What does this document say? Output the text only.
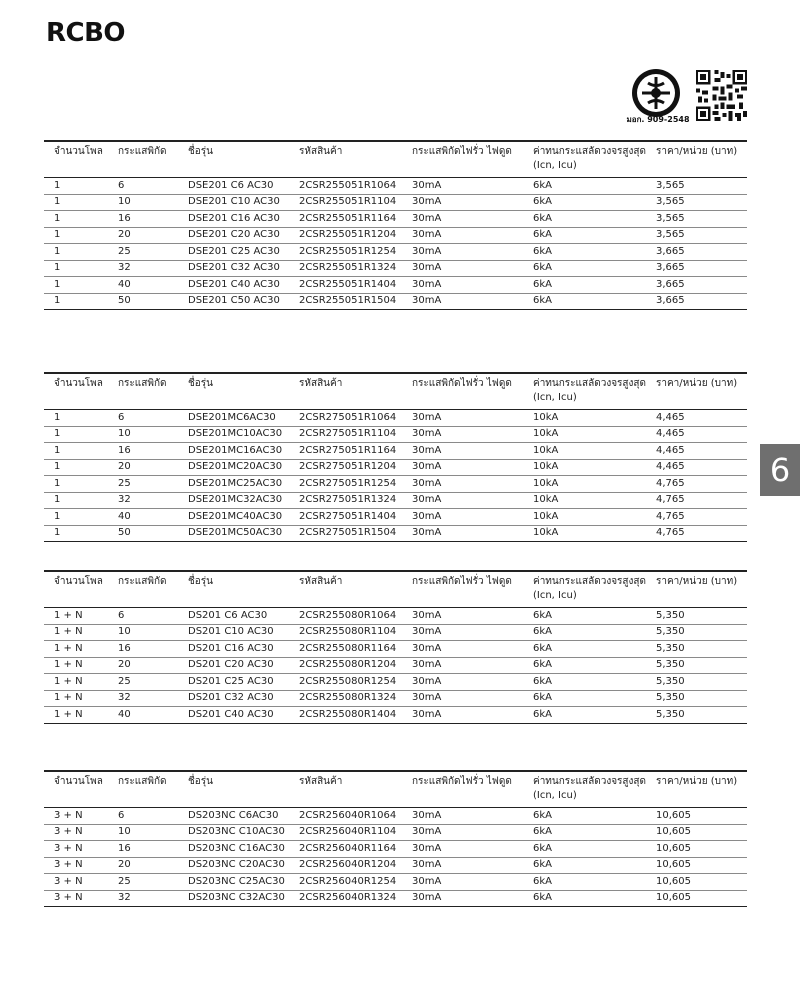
RCBO
มอก. 909-2548
6
จำนวนโพล	กระแสพิกัด	ชื่อรุ่น	รหัสสินค้า	กระแสพิกัดไฟรั่ว ไฟดูด	ค่าทนกระแสลัดวงจรสูงสุด (Icn, Icu)	ราคา/หน่วย (บาท)
1	6	DSE201 C6 AC30	2CSR255051R1064	30mA	6kA	3,565
1	10	DSE201 C10 AC30	2CSR255051R1104	30mA	6kA	3,565
1	16	DSE201 C16 AC30	2CSR255051R1164	30mA	6kA	3,565
1	20	DSE201 C20 AC30	2CSR255051R1204	30mA	6kA	3,565
1	25	DSE201 C25 AC30	2CSR255051R1254	30mA	6kA	3,665
1	32	DSE201 C32 AC30	2CSR255051R1324	30mA	6kA	3,665
1	40	DSE201 C40 AC30	2CSR255051R1404	30mA	6kA	3,665
1	50	DSE201 C50 AC30	2CSR255051R1504	30mA	6kA	3,665
จำนวนโพล	กระแสพิกัด	ชื่อรุ่น	รหัสสินค้า	กระแสพิกัดไฟรั่ว ไฟดูด	ค่าทนกระแสลัดวงจรสูงสุด (Icn, Icu)	ราคา/หน่วย (บาท)
1	6	DSE201MC6AC30	2CSR275051R1064	30mA	10kA	4,465
1	10	DSE201MC10AC30	2CSR275051R1104	30mA	10kA	4,465
1	16	DSE201MC16AC30	2CSR275051R1164	30mA	10kA	4,465
1	20	DSE201MC20AC30	2CSR275051R1204	30mA	10kA	4,465
1	25	DSE201MC25AC30	2CSR275051R1254	30mA	10kA	4,765
1	32	DSE201MC32AC30	2CSR275051R1324	30mA	10kA	4,765
1	40	DSE201MC40AC30	2CSR275051R1404	30mA	10kA	4,765
1	50	DSE201MC50AC30	2CSR275051R1504	30mA	10kA	4,765
จำนวนโพล	กระแสพิกัด	ชื่อรุ่น	รหัสสินค้า	กระแสพิกัดไฟรั่ว ไฟดูด	ค่าทนกระแสลัดวงจรสูงสุด (Icn, Icu)	ราคา/หน่วย (บาท)
1 + N	6	DS201 C6 AC30	2CSR255080R1064	30mA	6kA	5,350
1 + N	10	DS201 C10 AC30	2CSR255080R1104	30mA	6kA	5,350
1 + N	16	DS201 C16 AC30	2CSR255080R1164	30mA	6kA	5,350
1 + N	20	DS201 C20 AC30	2CSR255080R1204	30mA	6kA	5,350
1 + N	25	DS201 C25 AC30	2CSR255080R1254	30mA	6kA	5,350
1 + N	32	DS201 C32 AC30	2CSR255080R1324	30mA	6kA	5,350
1 + N	40	DS201 C40 AC30	2CSR255080R1404	30mA	6kA	5,350
จำนวนโพล	กระแสพิกัด	ชื่อรุ่น	รหัสสินค้า	กระแสพิกัดไฟรั่ว ไฟดูด	ค่าทนกระแสลัดวงจรสูงสุด (Icn, Icu)	ราคา/หน่วย (บาท)
3 + N	6	DS203NC C6AC30	2CSR256040R1064	30mA	6kA	10,605
3 + N	10	DS203NC C10AC30	2CSR256040R1104	30mA	6kA	10,605
3 + N	16	DS203NC C16AC30	2CSR256040R1164	30mA	6kA	10,605
3 + N	20	DS203NC C20AC30	2CSR256040R1204	30mA	6kA	10,605
3 + N	25	DS203NC C25AC30	2CSR256040R1254	30mA	6kA	10,605
3 + N	32	DS203NC C32AC30	2CSR256040R1324	30mA	6kA	10,605
